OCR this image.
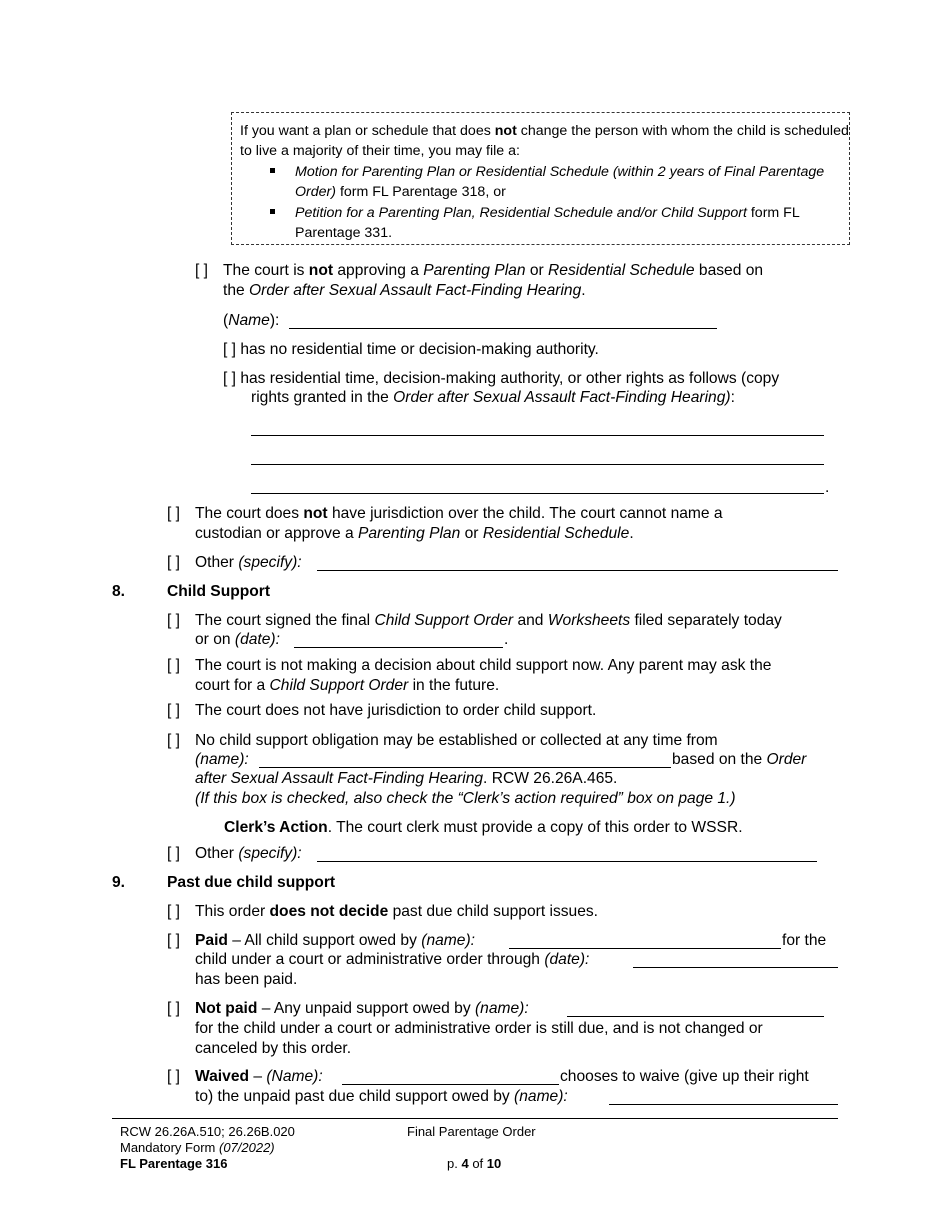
If you want a plan or schedule that does not change the person with whom the child is scheduled
to live a majority of their time, you may file a:
Motion for Parenting Plan or Residential Schedule (within 2 years of Final Parentage
Order) form FL Parentage 318, or
Petition for a Parenting Plan, Residential Schedule and/or Child Support form FL
Parentage 331.
[ ] The court is not approving a Parenting Plan or Residential Schedule based on
the Order after Sexual Assault Fact-Finding Hearing.
(Name):
[ ] has no residential time or decision-making authority.
[ ] has residential time, decision-making authority, or other rights as follows (copy
rights granted in the Order after Sexual Assault Fact-Finding Hearing):
.
[ ] The court does not have jurisdiction over the child. The court cannot name a
custodian or approve a Parenting Plan or Residential Schedule.
[ ] Other (specify):
8.	Child Support
[ ] The court signed the final Child Support Order and Worksheets filed separately today
or on (date):	.
[ ] The court is not making a decision about child support now. Any parent may ask the
court for a Child Support Order in the future.
[ ] The court does not have jurisdiction to order child support.
[ ] No child support obligation may be established or collected at any time from
(name):	based on the Order
after Sexual Assault Fact-Finding Hearing. RCW 26.26A.465.
(If this box is checked, also check the “Clerk’s action required” box on page 1.)
Clerk’s Action. The court clerk must provide a copy of this order to WSSR.
[ ] Other (specify):
9.	Past due child support
[ ] This order does not decide past due child support issues.
[ ] Paid – All child support owed by (name):	for the
child under a court or administrative order through (date):
has been paid.
[ ] Not paid – Any unpaid support owed by (name):
for the child under a court or administrative order is still due, and is not changed or
canceled by this order.
[ ] Waived – (Name):	chooses to waive (give up their right
to) the unpaid past due child support owed by (name):
RCW 26.26A.510; 26.26B.020
Mandatory Form (07/2022)
FL Parentage 316
Final Parentage Order
p. 4 of 10
